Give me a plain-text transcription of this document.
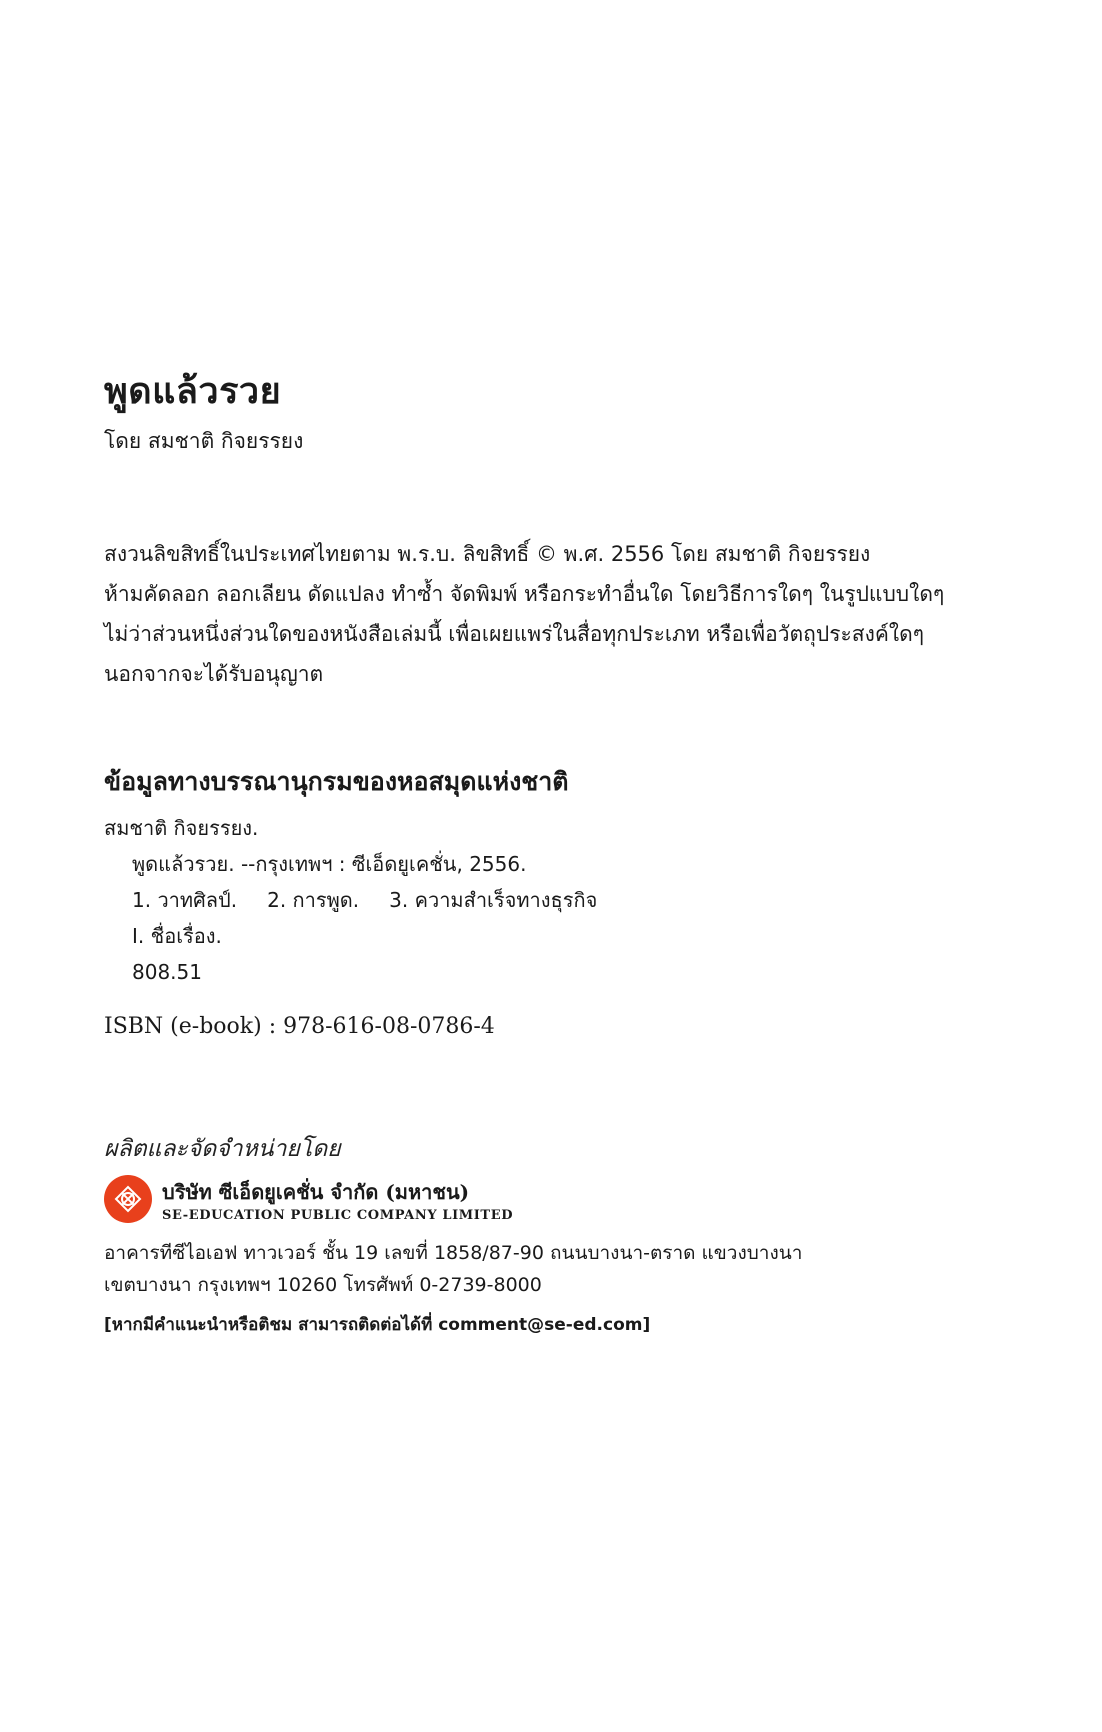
พูดแล้วรวย
โดย สมชาติ กิจยรรยง
สงวนลิขสิทธิ์ในประเทศไทยตาม พ.ร.บ. ลิขสิทธิ์ © พ.ศ. 2556 โดย สมชาติ กิจยรรยง
ห้ามคัดลอก ลอกเลียน ดัดแปลง ทำซ้ำ จัดพิมพ์ หรือกระทำอื่นใด โดยวิธีการใดๆ ในรูปแบบใดๆ
ไม่ว่าส่วนหนึ่งส่วนใดของหนังสือเล่มนี้ เพื่อเผยแพร่ในสื่อทุกประเภท หรือเพื่อวัตถุประสงค์ใดๆ
นอกจากจะได้รับอนุญาต
ข้อมูลทางบรรณานุกรมของหอสมุดแห่งชาติ
สมชาติ กิจยรรยง.
พูดแล้วรวย. --กรุงเทพฯ : ซีเอ็ดยูเคชั่น, 2556.
1. วาทศิลป์. 2. การพูด. 3. ความสำเร็จทางธุรกิจ
I. ชื่อเรื่อง.
808.51
ISBN (e-book) : 978-616-08-0786-4
ผลิตและจัดจำหน่ายโดย
บริษัท ซีเอ็ดยูเคชั่น จำกัด (มหาชน)
SE-EDUCATION PUBLIC COMPANY LIMITED
อาคารทีซีไอเอฟ ทาวเวอร์ ชั้น 19 เลขที่ 1858/87-90 ถนนบางนา-ตราด แขวงบางนา
เขตบางนา กรุงเทพฯ 10260 โทรศัพท์ 0-2739-8000
[หากมีคำแนะนำหรือติชม สามารถติดต่อได้ที่ comment@se-ed.com]
